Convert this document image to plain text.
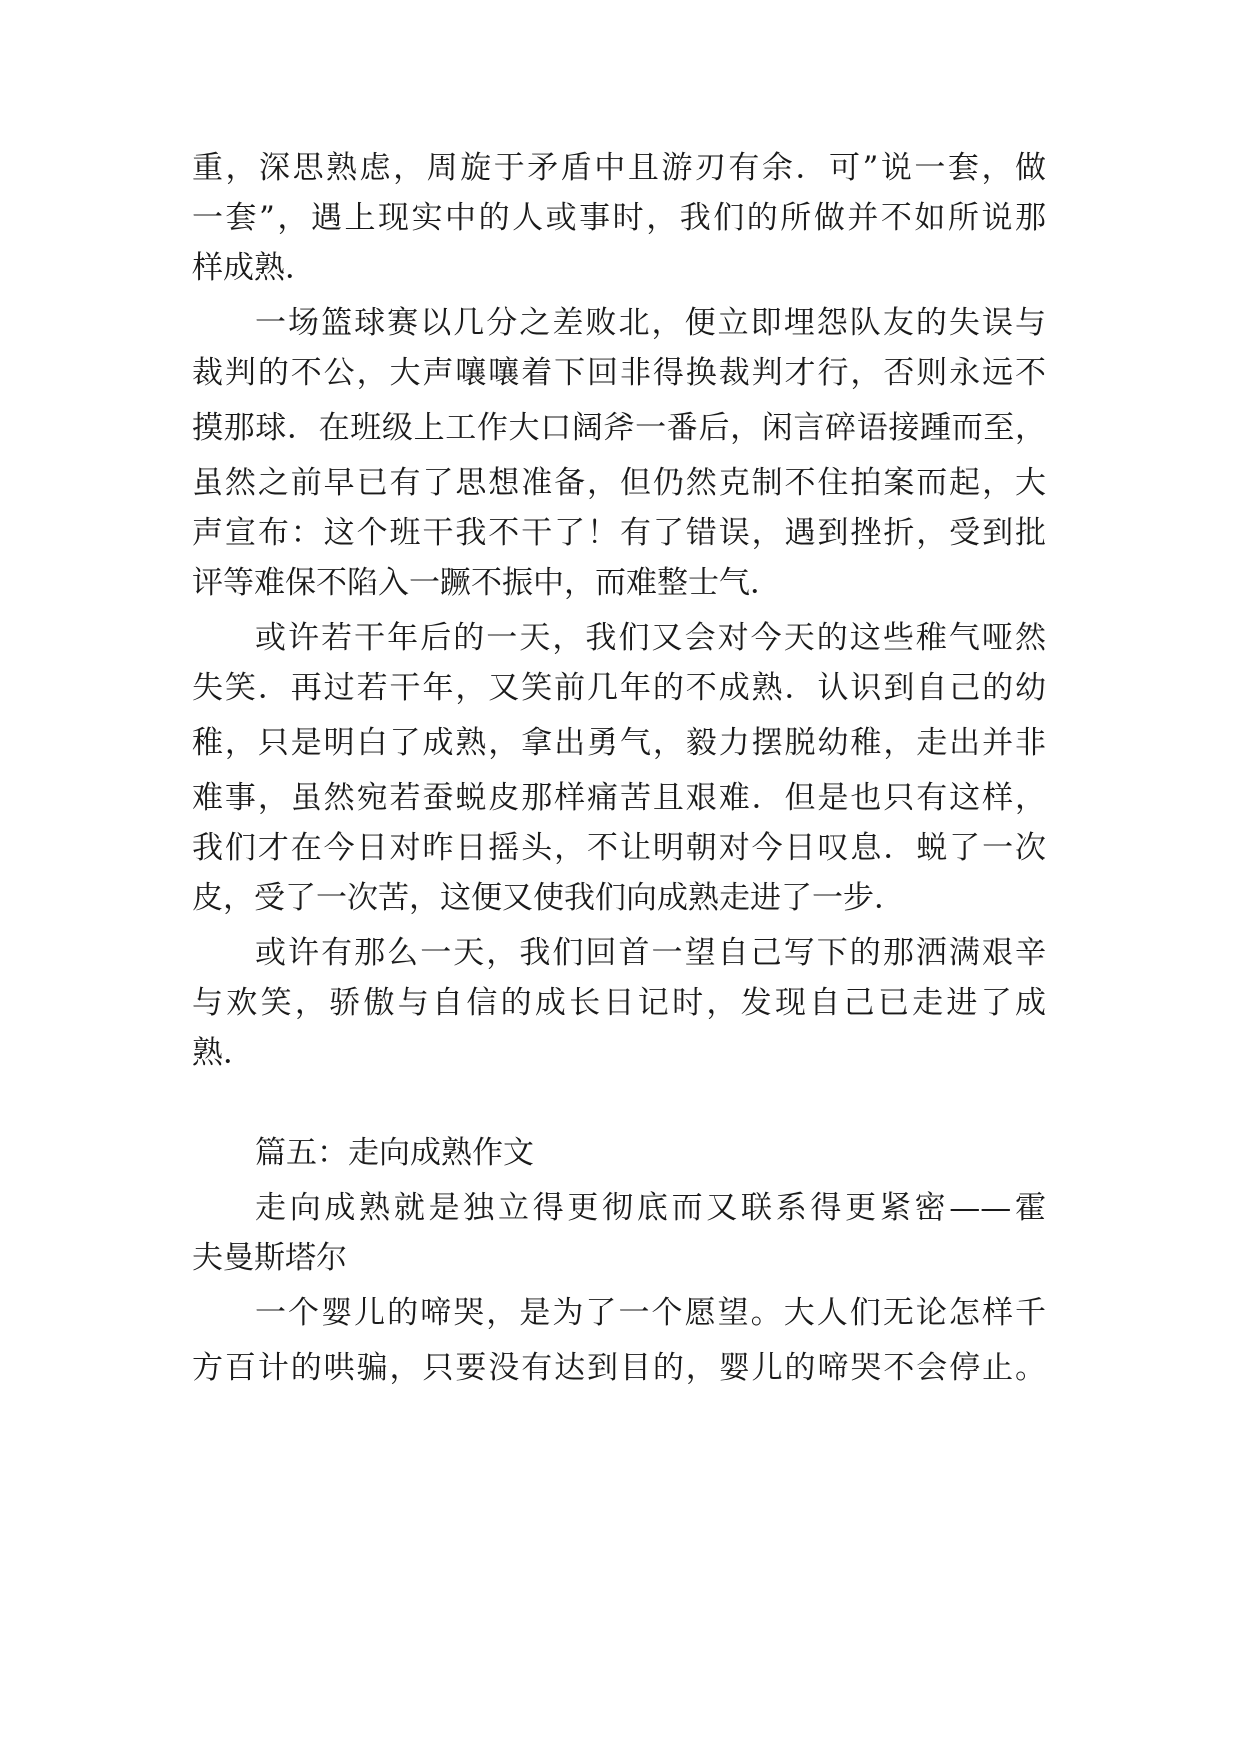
重，深思熟虑，周旋于矛盾中且游刃有余．可”说一套，做
一套”，遇上现实中的人或事时，我们的所做并不如所说那
样成熟．
一场篮球赛以几分之差败北，便立即埋怨队友的失误与
裁判的不公，大声嚷嚷着下回非得换裁判才行，否则永远不
摸那球．在班级上工作大口阔斧一番后，闲言碎语接踵而至，
虽然之前早已有了思想准备，但仍然克制不住拍案而起，大
声宣布：这个班干我不干了！有了错误，遇到挫折，受到批
评等难保不陷入一蹶不振中，而难整士气．
或许若干年后的一天，我们又会对今天的这些稚气哑然
失笑．再过若干年，又笑前几年的不成熟．认识到自己的幼
稚，只是明白了成熟，拿出勇气，毅力摆脱幼稚，走出并非
难事，虽然宛若蚕蜕皮那样痛苦且艰难．但是也只有这样，
我们才在今日对昨日摇头，不让明朝对今日叹息．蜕了一次
皮，受了一次苦，这便又使我们向成熟走进了一步．
或许有那么一天，我们回首一望自己写下的那洒满艰辛
与欢笑，骄傲与自信的成长日记时，发现自己已走进了成
熟．
篇五：走向成熟作文
走向成熟就是独立得更彻底而又联系得更紧密——霍
夫曼斯塔尔
一个婴儿的啼哭，是为了一个愿望。大人们无论怎样千
方百计的哄骗，只要没有达到目的，婴儿的啼哭不会停止。
